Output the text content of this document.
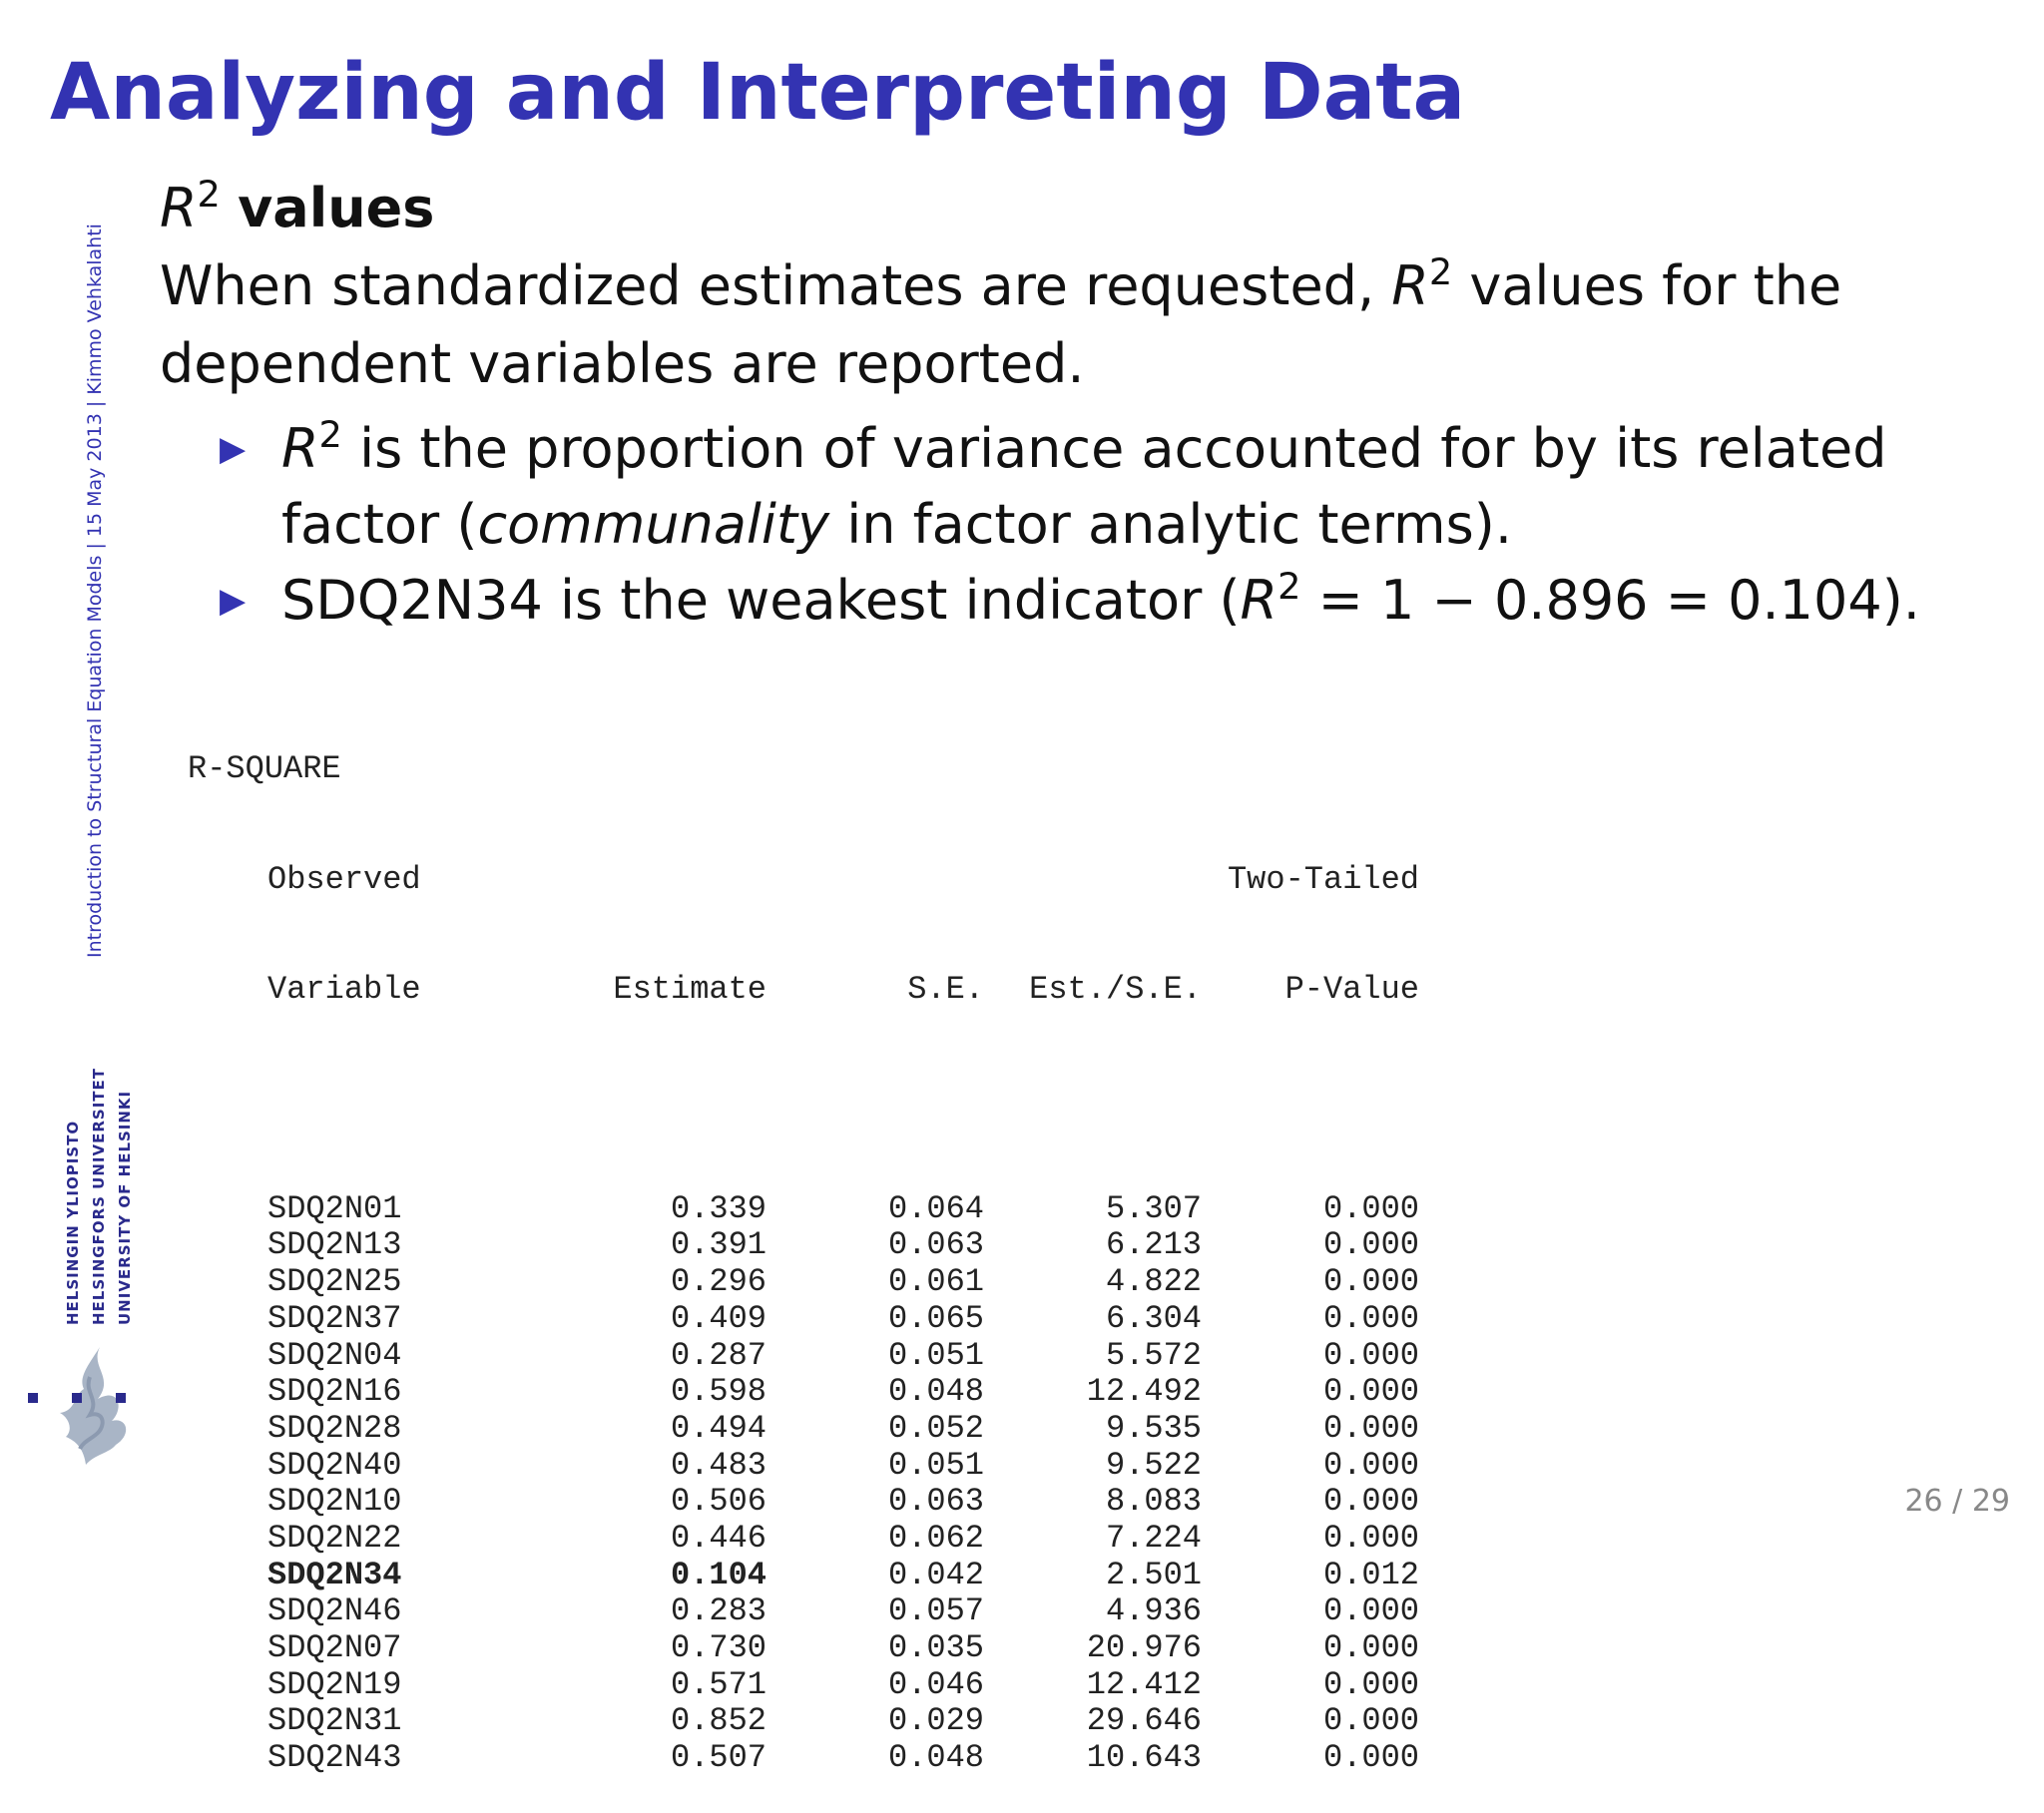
Analyzing and Interpreting Data
Introduction to Structural Equation Models | 15 May 2013 | Kimmo Vehkalahti
HELSINGIN YLIOPISTO HELSINGFORS UNIVERSITET UNIVERSITY OF HELSINKI
$R^2$ values
When standardized estimates are requested, $R^2$ values for the
dependent variables are reported.
▶ $R^2$ is the proportion of variance accounted for by its related
factor (communality in factor analytic terms).
▶ SDQ2N34 is the weakest indicator $(R^2 = 1 - 0.896 = 0.104)$.

R-SQUARE

Observed	Two-Tailed

Variable	Estimate	S.E. Est./S.E.	P-Value

SDQ2N01	0.339	0.064	5.307	0.000
SDQ2N13	0.391	0.063	6.213	0.000
SDQ2N25	0.296	0.061	4.822	0.000
SDQ2N37	0.409	0.065	6.304	0.000
SDQ2N04	0.287	0.051	5.572	0.000
SDQ2N16	0.598	0.048	12.492	0.000
SDQ2N28	0.494	0.052	9.535	0.000
SDQ2N40	0.483	0.051	9.522	0.000
SDQ2N10	0.506	0.063	8.083	0.000
SDQ2N22	0.446	0.062	7.224	0.000
SDQ2N34	0.104	0.042	2.501	0.012
SDQ2N46	0.283	0.057	4.936	0.000
SDQ2N07	0.730	0.035	20.976	0.000
SDQ2N19	0.571	0.046	12.412	0.000
SDQ2N31	0.852	0.029	29.646	0.000
SDQ2N43	0.507	0.048	10.643	0.000

26 / 29
